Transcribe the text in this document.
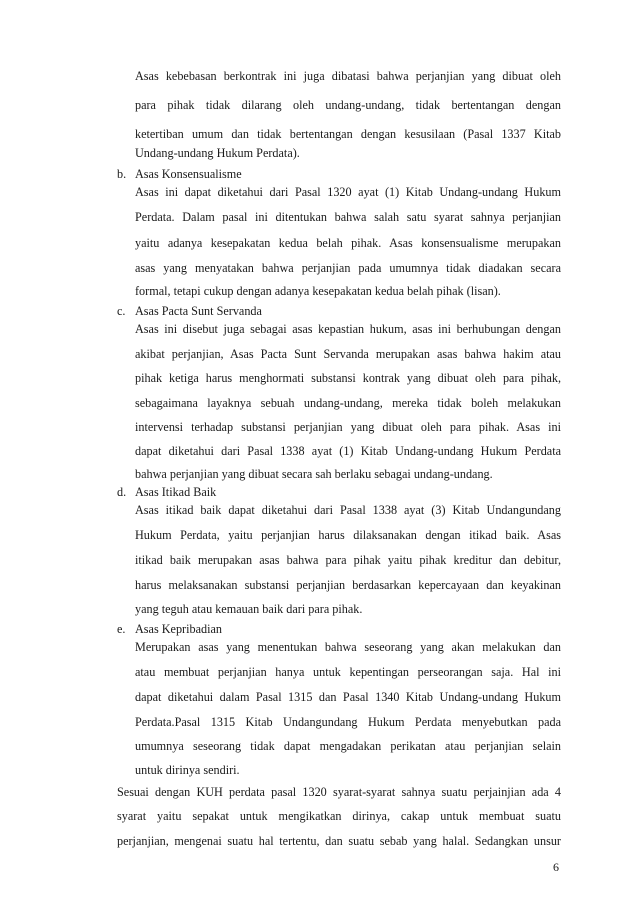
Asas kebebasan berkontrak ini juga dibatasi bahwa perjanjian yang dibuat oleh

para pihak tidak dilarang oleh undang-undang, tidak bertentangan dengan

ketertiban umum dan tidak bertentangan dengan kesusilaan (Pasal 1337 Kitab

Undang-undang Hukum Perdata).

b. Asas Konsensualisme

Asas ini dapat diketahui dari Pasal 1320 ayat (1) Kitab Undang-undang Hukum

Perdata. Dalam pasal ini ditentukan bahwa salah satu syarat sahnya perjanjian

yaitu adanya kesepakatan kedua belah pihak. Asas konsensualisme merupakan

asas yang menyatakan bahwa perjanjian pada umumnya tidak diadakan secara

formal, tetapi cukup dengan adanya kesepakatan kedua belah pihak (lisan).

c. Asas Pacta Sunt Servanda

Asas ini disebut juga sebagai asas kepastian hukum, asas ini berhubungan dengan

akibat perjanjian, Asas Pacta Sunt Servanda merupakan asas bahwa hakim atau

pihak ketiga harus menghormati substansi kontrak yang dibuat oleh para pihak,

sebagaimana layaknya sebuah undang-undang, mereka tidak boleh melakukan

intervensi terhadap substansi perjanjian yang dibuat oleh para pihak. Asas ini

dapat diketahui dari Pasal 1338 ayat (1) Kitab Undang-undang Hukum Perdata

bahwa perjanjian yang dibuat secara sah berlaku sebagai undang-undang.

d. Asas Itikad Baik

Asas itikad baik dapat diketahui dari Pasal 1338 ayat (3) Kitab Undangundang

Hukum Perdata, yaitu perjanjian harus dilaksanakan dengan itikad baik. Asas

itikad baik merupakan asas bahwa para pihak yaitu pihak kreditur dan debitur,

harus melaksanakan substansi perjanjian berdasarkan kepercayaan dan keyakinan

yang teguh atau kemauan baik dari para pihak.

e. Asas Kepribadian

Merupakan asas yang menentukan bahwa seseorang yang akan melakukan dan

atau membuat perjanjian hanya untuk kepentingan perseorangan saja. Hal ini

dapat diketahui dalam Pasal 1315 dan Pasal 1340 Kitab Undang-undang Hukum

Perdata.Pasal 1315 Kitab Undangundang Hukum Perdata menyebutkan pada

umumnya seseorang tidak dapat mengadakan perikatan atau perjanjian selain

untuk dirinya sendiri.

Sesuai dengan KUH perdata pasal 1320 syarat-syarat sahnya suatu perjainjian ada 4

syarat yaitu sepakat untuk mengikatkan dirinya, cakap untuk membuat suatu

perjanjian, mengenai suatu hal tertentu, dan suatu sebab yang halal. Sedangkan unsur

6
